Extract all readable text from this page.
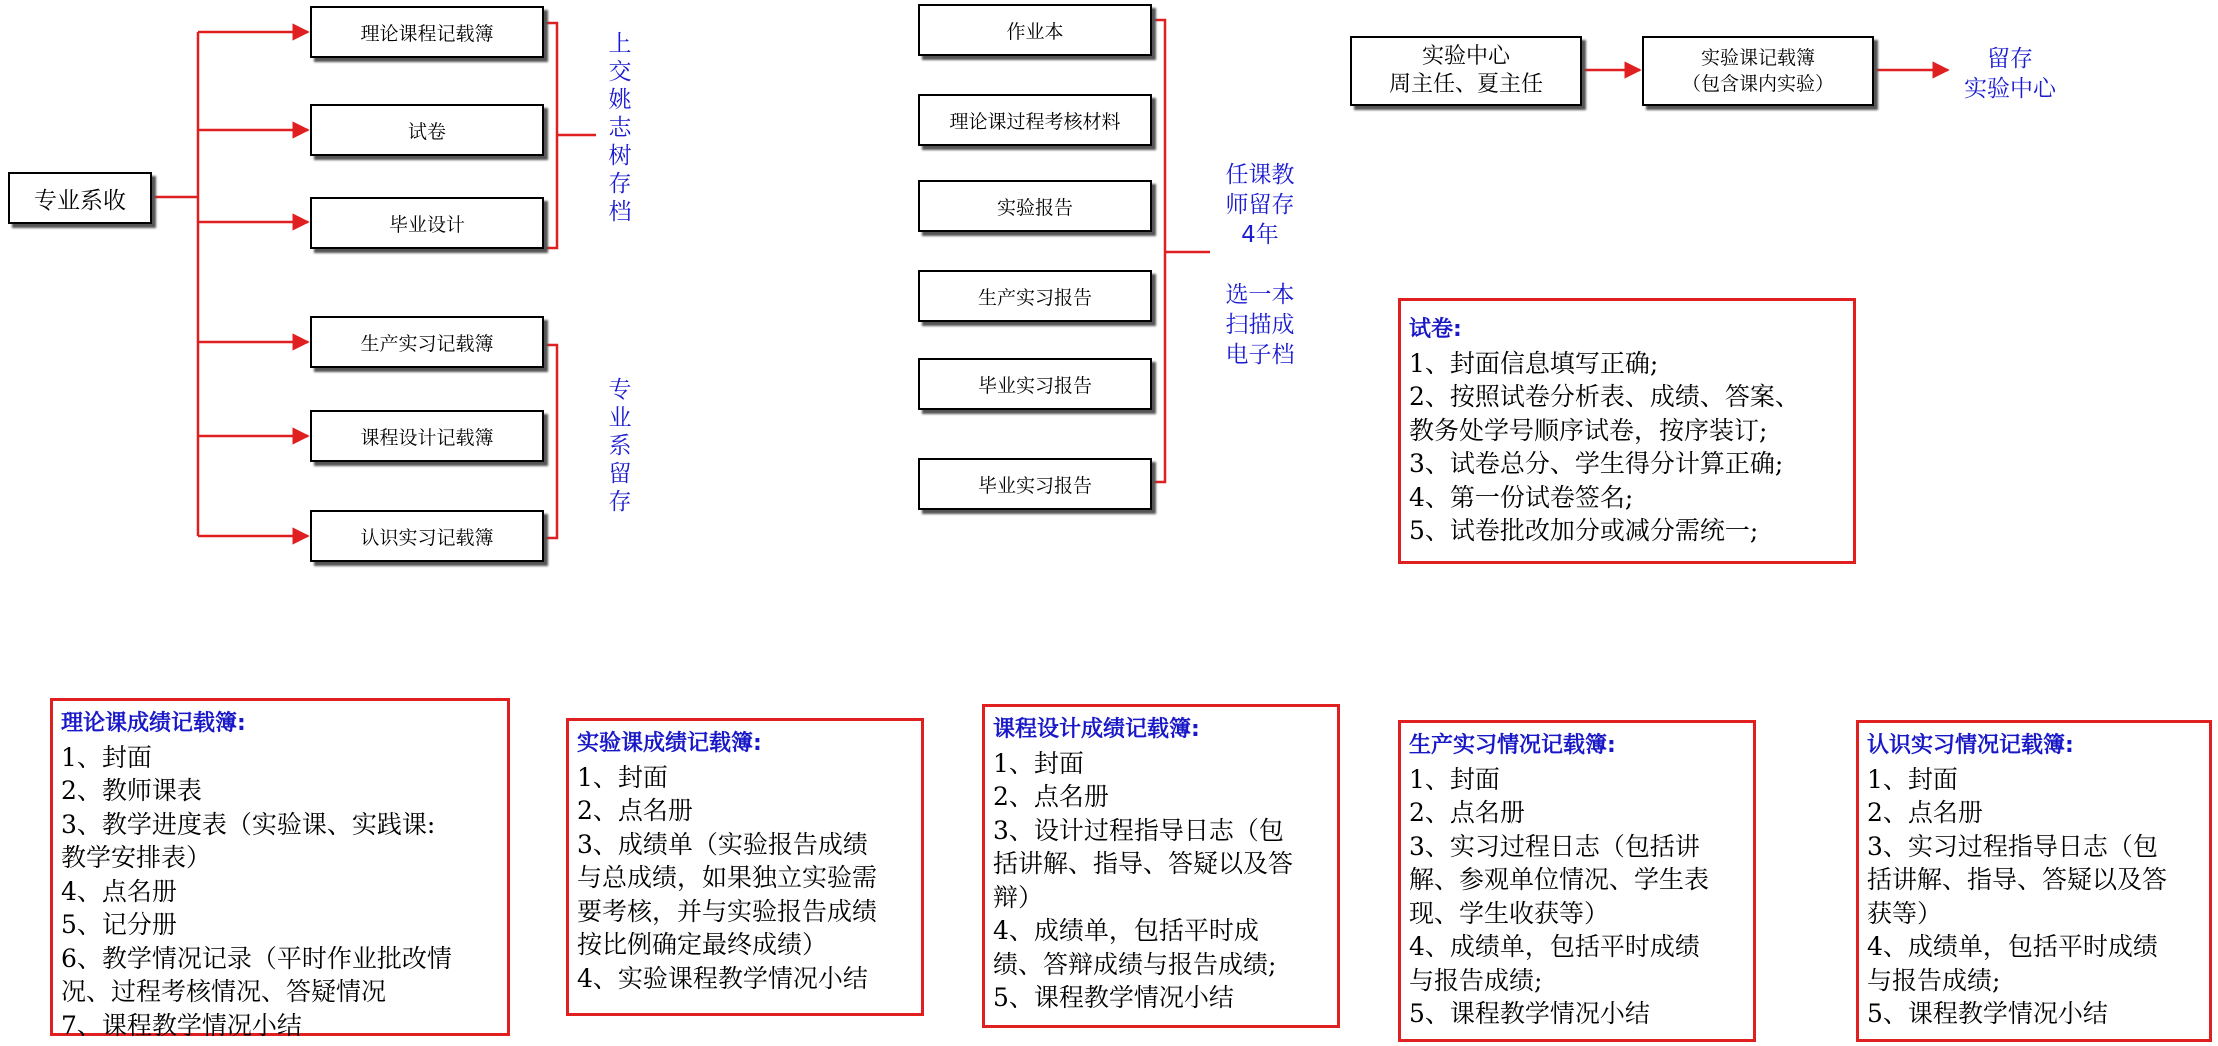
专业系收
理论课程记载簿
试卷
毕业设计
上
交
姚
志
树
存
档
生产实习记载簿
课程设计记载簿
认识实习记载簿
专
业
系
留
存
作业本
理论课过程考核材料
实验报告
生产实习报告
毕业实习报告
毕业实习报告
任课教
师留存
4年
选一本
扫描成
电子档
实验中心
周主任、夏主任
实验课记载簿
（包含课内实验）
留存
实验中心
试卷:
1、封面信息填写正确;
2、按照试卷分析表、成绩、答案、
教务处学号顺序试卷，按序装订;
3、试卷总分、学生得分计算正确;
4、第一份试卷签名;
5、试卷批改加分或减分需统一;
理论课成绩记载簿:
1、封面
2、教师课表
3、教学进度表（实验课、实践课:
教学安排表）
4、点名册
5、记分册
6、教学情况记录（平时作业批改情
况、过程考核情况、答疑情况
7、课程教学情况小结
实验课成绩记载簿:
1、封面
2、点名册
3、成绩单（实验报告成绩
与总成绩，如果独立实验需
要考核，并与实验报告成绩
按比例确定最终成绩）
4、实验课程教学情况小结
课程设计成绩记载簿:
1、封面
2、点名册
3、设计过程指导日志（包
括讲解、指导、答疑以及答
辩）
4、成绩单，包括平时成
绩、答辩成绩与报告成绩;
5、课程教学情况小结
生产实习情况记载簿:
1、封面
2、点名册
3、实习过程日志（包括讲
解、参观单位情况、学生表
现、学生收获等）
4、成绩单，包括平时成绩
与报告成绩;
5、课程教学情况小结
认识实习情况记载簿:
1、封面
2、点名册
3、实习过程指导日志（包
括讲解、指导、答疑以及答
获等）
4、成绩单，包括平时成绩
与报告成绩;
5、课程教学情况小结
